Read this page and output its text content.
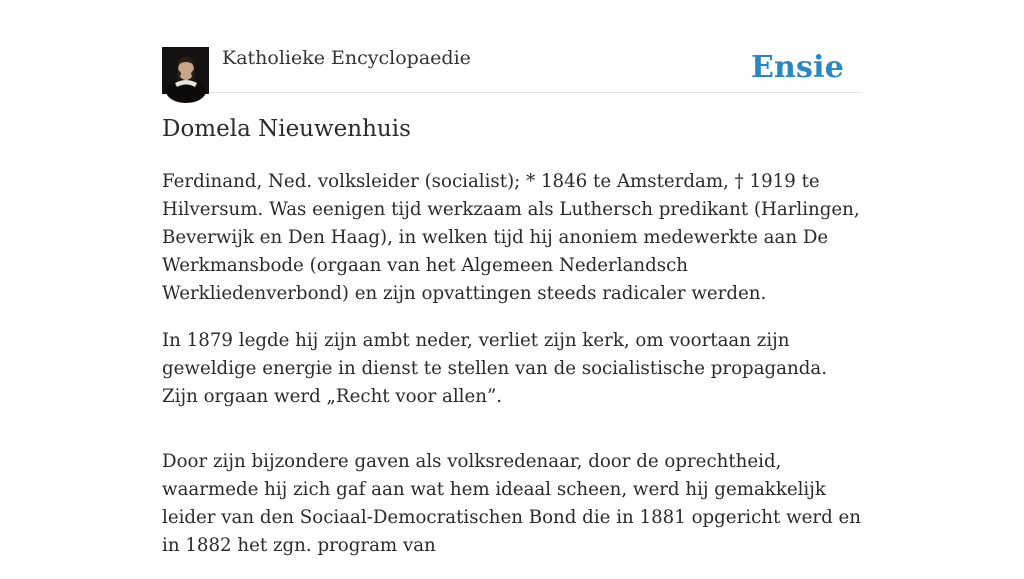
Katholieke Encyclopaedie	Ensie
Domela Nieuwenhuis

Ferdinand, Ned. volksleider (socialist); * 1846 te Amsterdam, † 1919 te Hilversum. Was eenigen tijd werkzaam als Luthersch predikant (Harlingen, Beverwijk en Den Haag), in welken tijd hij anoniem medewerkte aan De Werkmansbode (orgaan van het Algemeen Nederlandsch Werkliedenverbond) en zijn opvattingen steeds radicaler werden.

In 1879 legde hij zijn ambt neder, verliet zijn kerk, om voortaan zijn geweldige energie in dienst te stellen van de socialistische propaganda. Zijn orgaan werd „Recht voor allen”.

Door zijn bijzondere gaven als volksredenaar, door de oprechtheid, waarmede hij zich gaf aan wat hem ideaal scheen, werd hij gemakkelijk leider van den Sociaal-Democratischen Bond die in 1881 opgericht werd en in 1882 het zgn. program van
